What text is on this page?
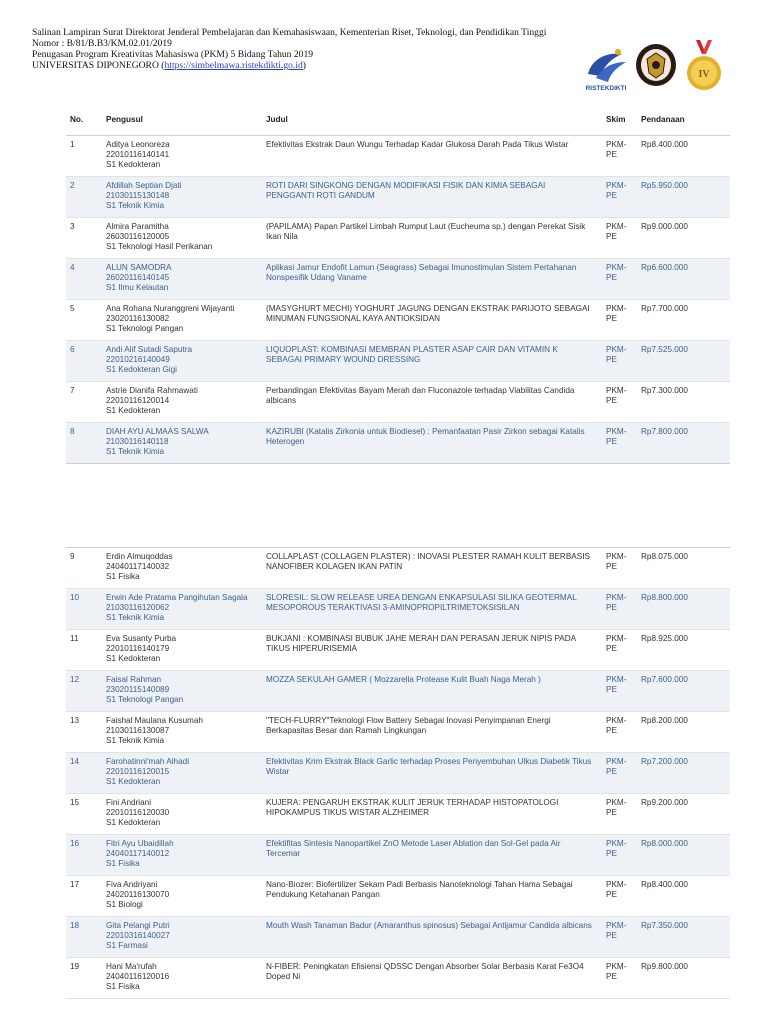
Salinan Lampiran Surat Direktorat Jenderal Pembelajaran dan Kemahasiswaan, Kementerian Riset, Teknologi, dan Pendidikan Tinggi
Nomor : B/81/B.B3/KM.02.01/2019
Penugasan Program Kreativitas Mahasiswa (PKM) 5 Bidang Tahun 2019
UNIVERSITAS DIPONEGORO (https://simbelmawa.ristekdikti.go.id)
RISTEKDIKTI
IV
No.	Pengusul	Judul	Skim	Pendanaan
1	Aditya Leonoreza
22010116140141
S1 Kedokteran	Efektivitas Ekstrak Daun Wungu Terhadap Kadar Glukosa Darah Pada Tikus Wistar	PKM-PE	Rp8.400.000
2	Afdillah Septian Djati
21030115130148
S1 Teknik Kimia	ROTI DARI SINGKONG DENGAN MODIFIKASI FISIK DAN KIMIA SEBAGAI PENGGANTI ROTI GANDUM	PKM-PE	Rp5.950.000
3	Almira Paramitha
26030116120005
S1 Teknologi Hasil Perikanan	(PAPILAMA) Papan Partikel Limbah Rumput Laut (Eucheuma sp.) dengan Perekat Sisik Ikan Nila	PKM-PE	Rp9.000.000
4	ALUN SAMODRA
26020116140145
S1 Ilmu Kelautan	Aplikasi Jamur Endofit Lamun (Seagrass) Sebagai Imunostimulan Sistem Pertahanan Nonspesifik Udang Vaname	PKM-PE	Rp6.600.000
5	Ana Rohana Nuranggreni Wijayanti
23020116130082
S1 Teknologi Pangan	(MASYGHURT MECHI) YOGHURT JAGUNG DENGAN EKSTRAK PARIJOTO SEBAGAI MINUMAN FUNGSIONAL KAYA ANTIOKSIDAN	PKM-PE	Rp7.700.000
6	Andi Alif Sutadi Saputra
22010216140049
S1 Kedokteran Gigi	LIQUOPLAST: KOMBINASI MEMBRAN PLASTER ASAP CAIR DAN VITAMIN K SEBAGAI PRIMARY WOUND DRESSING	PKM-PE	Rp7.525.000
7	Astrie Dianifa Rahmawati
22010116120014
S1 Kedokteran	Perbandingan Efektivitas Bayam Merah dan Fluconazole terhadap Viabilitas Candida albicans	PKM-PE	Rp7.300.000
8	DIAH AYU ALMAAS SALWA
21030116140118
S1 Teknik Kimia	KAZIRUBI (Katalis Zirkonia untuk Biodiesel) : Pemanfaatan Pasir Zirkon sebagai Katalis Heterogen	PKM-PE	Rp7.800.000

9	Erdin Almuqoddas
24040117140032
S1 Fisika	COLLAPLAST (COLLAGEN PLASTER) : INOVASI PLESTER RAMAH KULIT BERBASIS NANOFIBER KOLAGEN IKAN PATIN	PKM-PE	Rp8.075.000
10	Erwin Ade Pratama Pangihutan Sagala
21030116120062
S1 Teknik Kimia	SLORESIL: SLOW RELEASE UREA DENGAN ENKAPSULASI SILIKA GEOTERMAL MESOPOROUS TERAKTIVASI 3-AMINOPROPILTRIMETOKSISILAN	PKM-PE	Rp8.800.000
11	Eva Susanty Purba
22010116140179
S1 Kedokteran	BUKJANI : KOMBINASI BUBUK JAHE MERAH DAN PERASAN JERUK NIPIS PADA TIKUS HIPERURISEMIA	PKM-PE	Rp8.925.000
12	Faisal Rahman
23020115140089
S1 Teknologi Pangan	MOZZA SEKULAH GAMER ( Mozzarella Protease Kulit Buah Naga Merah )	PKM-PE	Rp7.600.000
13	Faishal Maulana Kusumah
21030116130087
S1 Teknik Kimia	"TECH-FLURRY"Teknologi Flow Battery Sebagai Inovasi Penyimpanan Energi Berkapasitas Besar dan Ramah Lingkungan	PKM-PE	Rp8.200.000
14	Farohatinni'mah Alhadi
22010116120015
S1 Kedokteran	Efektivitas Krim Ekstrak Black Garlic terhadap Proses Penyembuhan Ulkus Diabetik Tikus Wistar	PKM-PE	Rp7.200.000
15	Fini Andriani
22010116120030
S1 Kedokteran	KUJERA: PENGARUH EKSTRAK KULIT JERUK TERHADAP HISTOPATOLOGI HIPOKAMPUS TIKUS WISTAR ALZHEIMER	PKM-PE	Rp9.200.000
16	Fitri Ayu Ubaidillah
24040117140012
S1 Fisika	Efektifitas Sintesis Nanopartikel ZnO Metode Laser Ablation dan Sol-Gel pada Air Tercemar	PKM-PE	Rp8.000.000
17	Fiva Andriyani
24020116130070
S1 Biologi	Nano-Biozer: Biofertilizer Sekam Padi Berbasis Nanoteknologi Tahan Hama Sebagai Pendukung Ketahanan Pangan	PKM-PE	Rp8.400.000
18	Gita Pelangi Putri
22010316140027
S1 Farmasi	Mouth Wash Tanaman Badur (Amaranthus spinosus) Sebagai Antijamur Candida albicans	PKM-PE	Rp7.350.000
19	Hani Ma'rufah
24040116120016
S1 Fisika	N-FIBER: Peningkatan Efisiensi QDSSC Dengan Absorber Solar Berbasis Karat Fe3O4 Doped Ni	PKM-PE	Rp9.800.000
